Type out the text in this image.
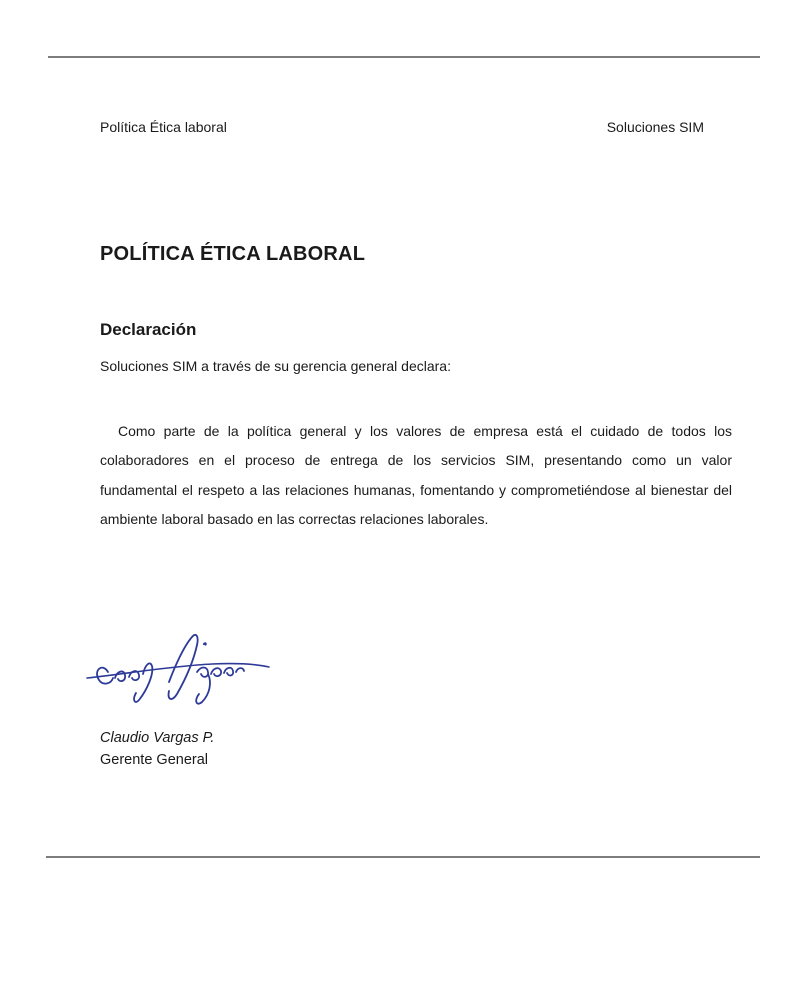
Política Ética laboral	Soluciones SIM
POLÍTICA ÉTICA LABORAL
Declaración
Soluciones SIM a través de su gerencia general declara:
Como parte de la política general y los valores de empresa está el cuidado de todos los
colaboradores en el proceso de entrega de los servicios SIM, presentando como un valor
fundamental el respeto a las relaciones humanas, fomentando y comprometiéndose al bienestar del
ambiente laboral basado en las correctas relaciones laborales.
Claudio Vargas P.
Gerente General
